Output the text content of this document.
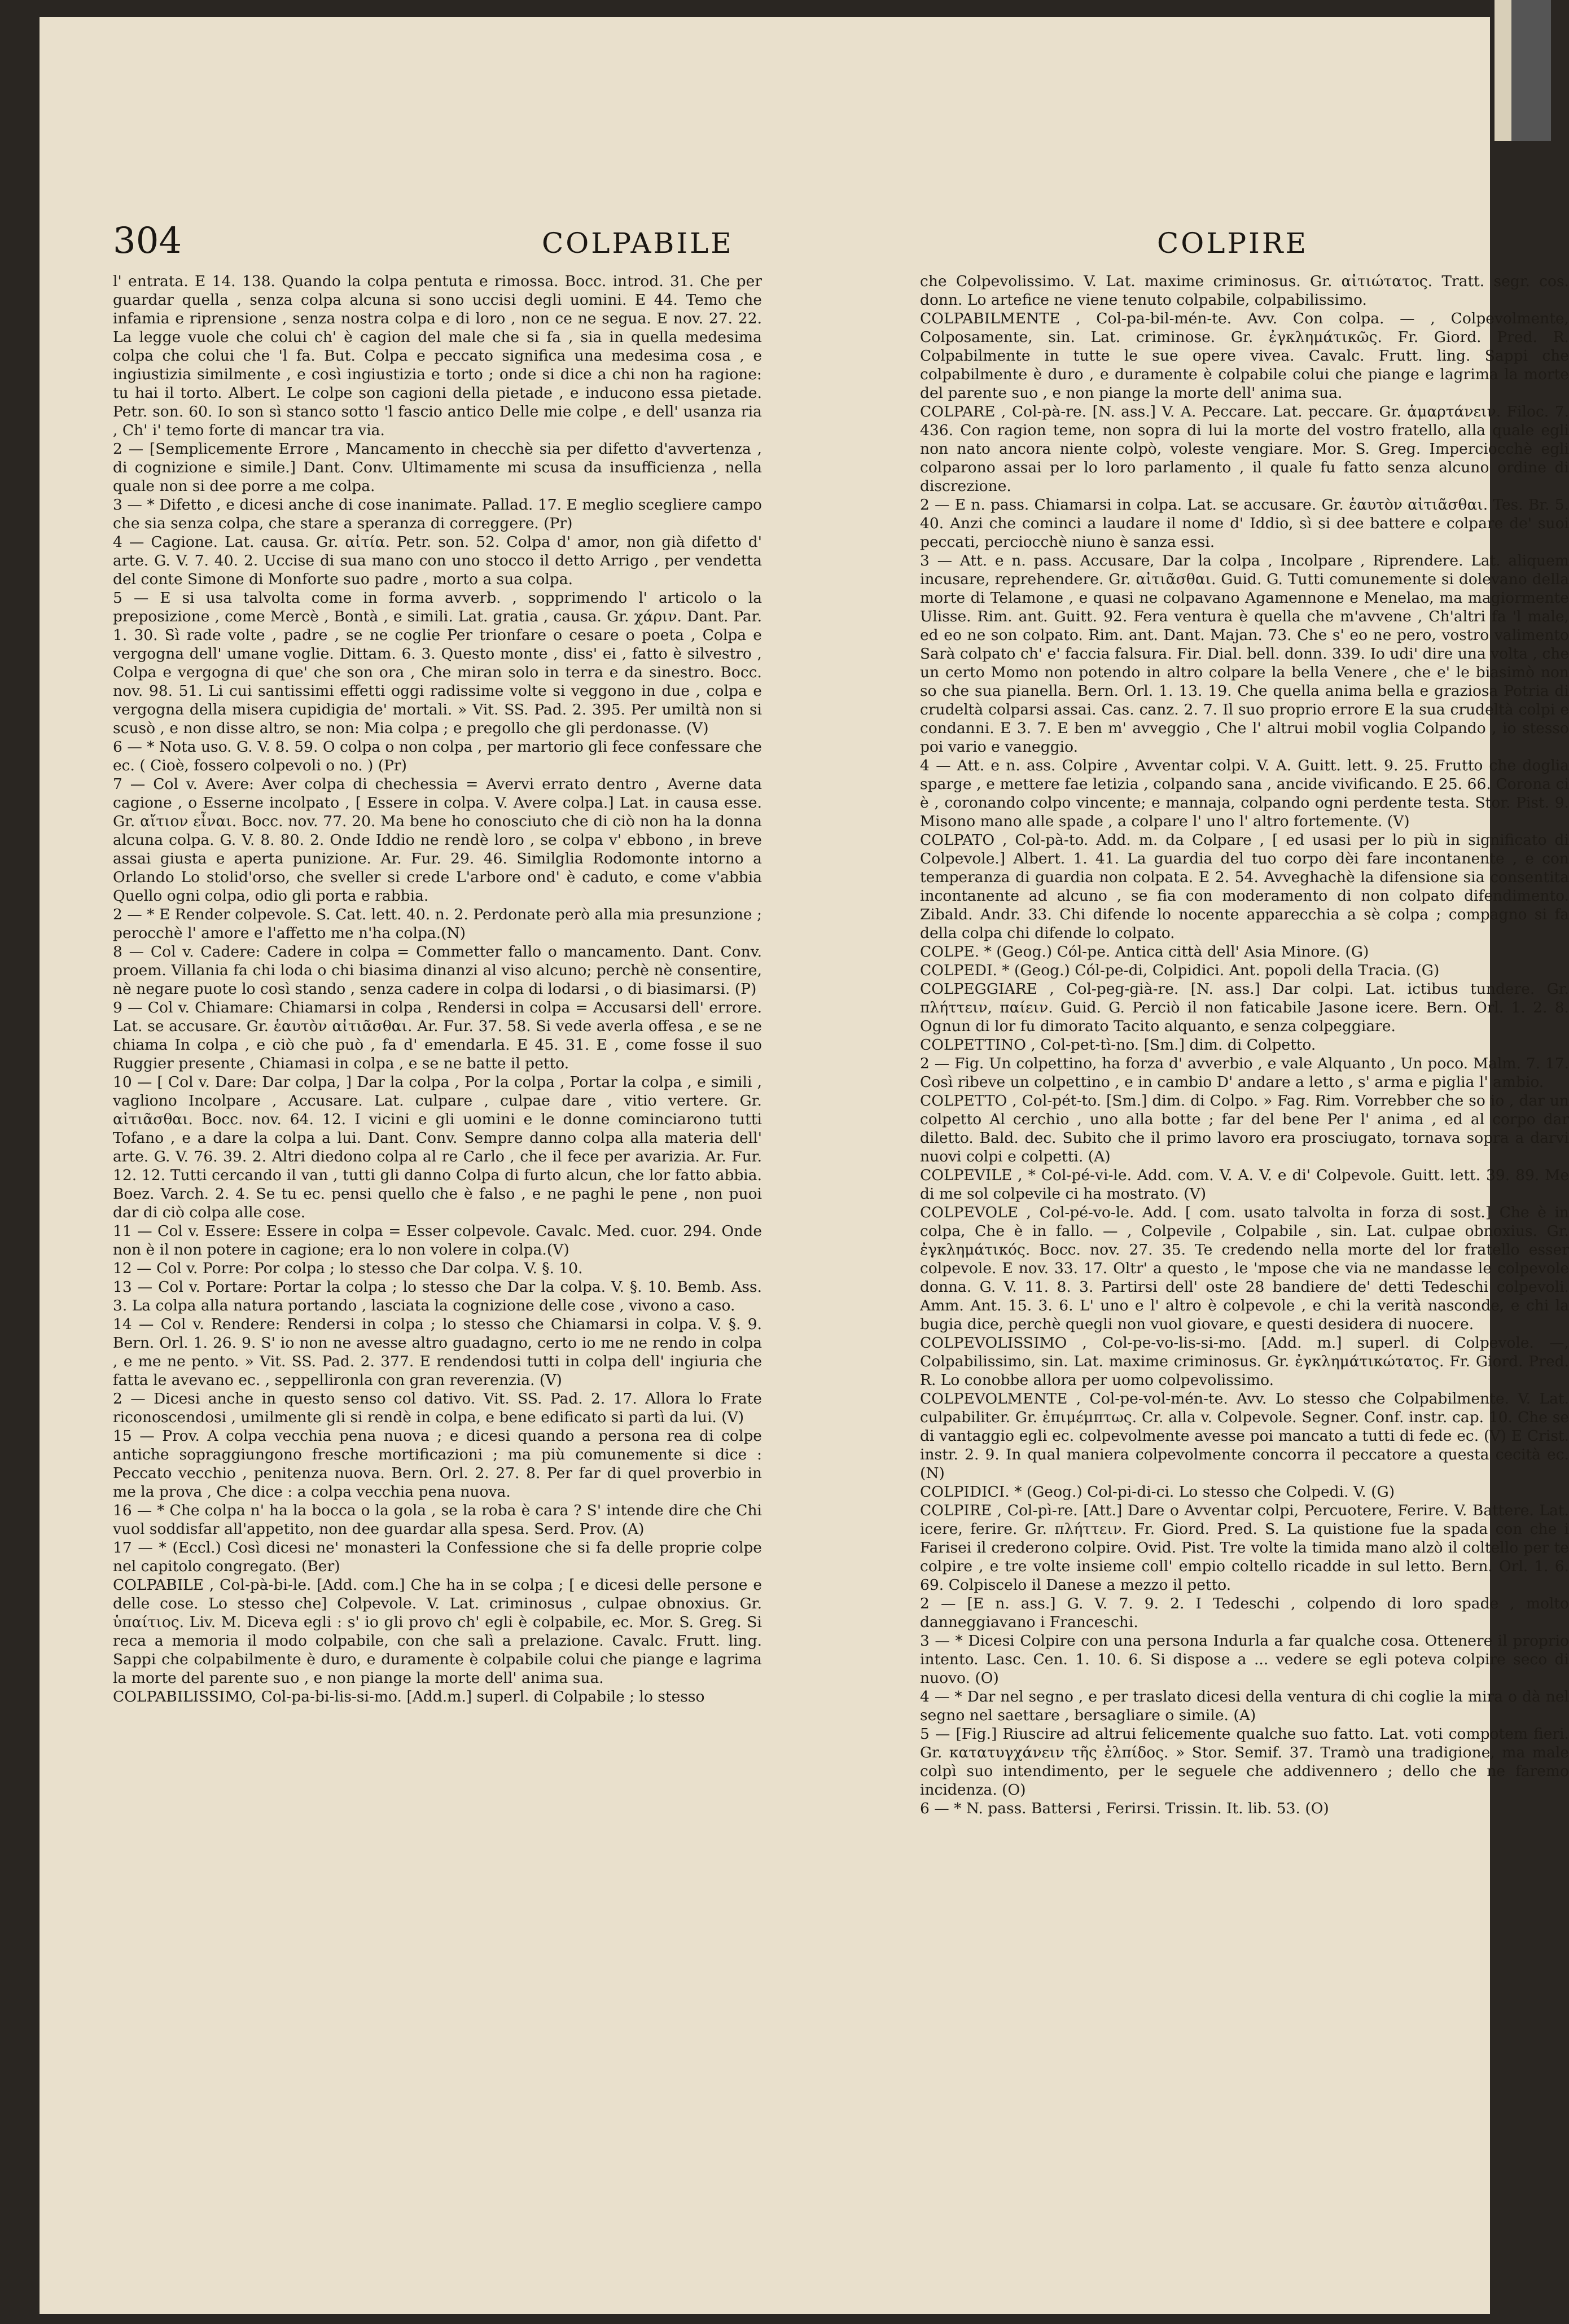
304	COLPABILE	COLPIRE

l' entrata. E 14. 138. Quando la colpa pentuta e rimossa. Bocc. introd. 31. Che per guardar quella , senza colpa alcuna si sono uccisi degli uomini. E 44. Temo che infamia e riprensione , senza nostra colpa e di loro , non ce ne segua. E nov. 27. 22. La legge vuole che colui ch' è cagion del male che si fa , sia in quella medesima colpa che colui che 'l fa. But. Colpa e peccato significa una medesima cosa , e ingiustizia similmente , e così ingiustizia e torto ; onde si dice a chi non ha ragione: tu hai il torto. Albert. Le colpe son cagioni della pietade , e inducono essa pietade. Petr. son. 60. Io son sì stanco sotto 'l fascio antico Delle mie colpe , e dell' usanza ria , Ch' i' temo forte di mancar tra via.

2 — [Semplicemente Errore , Mancamento in checchè sia per difetto d'avvertenza , di cognizione e simile.] Dant. Conv. Ultimamente mi scusa da insufficienza , nella quale non si dee porre a me colpa.

3 — * Difetto , e dicesi anche di cose inanimate. Pallad. 17. E meglio scegliere campo che sia senza colpa, che stare a speranza di correggere. (Pr)

4 — Cagione. Lat. causa. Gr. αἰτία. Petr. son. 52. Colpa d' amor, non già difetto d' arte. G. V. 7. 40. 2. Uccise di sua mano con uno stocco il detto Arrigo , per vendetta del conte Simone di Monforte suo padre , morto a sua colpa.

5 — E si usa talvolta come in forma avverb. , sopprimendo l' articolo o la preposizione , come Mercè , Bontà , e simili. Lat. gratia , causa. Gr. χάριν. Dant. Par. 1. 30. Sì rade volte , padre , se ne coglie Per trionfare o cesare o poeta , Colpa e vergogna dell' umane voglie. Dittam. 6. 3. Questo monte , diss' ei , fatto è silvestro , Colpa e vergogna di que' che son ora , Che miran solo in terra e da sinestro. Bocc. nov. 98. 51. Li cui santissimi effetti oggi radissime volte si veggono in due , colpa e vergogna della misera cupidigia de' mortali. » Vit. SS. Pad. 2. 395. Per umiltà non si scusò , e non disse altro, se non: Mia colpa ; e pregollo che gli perdonasse. (V)

6 — * Nota uso. G. V. 8. 59. O colpa o non colpa , per martorio gli fece confessare che ec. ( Cioè, fossero colpevoli o no. ) (Pr)

7 — Col v. Avere: Aver colpa di chechessia = Avervi errato dentro , Averne data cagione , o Esserne incolpato , [ Essere in colpa. V. Avere colpa.] Lat. in causa esse. Gr. αἴτιον εἶναι. Bocc. nov. 77. 20. Ma bene ho conosciuto che di ciò non ha la donna alcuna colpa. G. V. 8. 80. 2. Onde Iddio ne rendè loro , se colpa v' ebbono , in breve assai giusta e aperta punizione. Ar. Fur. 29. 46. Similglia Rodomonte intorno a Orlando Lo stolid'orso, che sveller si crede L'arbore ond' è caduto, e come v'abbia Quello ogni colpa, odio gli porta e rabbia.

2 — * E Render colpevole. S. Cat. lett. 40. n. 2. Perdonate però alla mia presunzione ; perocchè l' amore e l'affetto me n'ha colpa.(N)

8 — Col v. Cadere: Cadere in colpa = Commetter fallo o mancamento. Dant. Conv. proem. Villania fa chi loda o chi biasima dinanzi al viso alcuno; perchè nè consentire, nè negare puote lo così stando , senza cadere in colpa di lodarsi , o di biasimarsi. (P)

9 — Col v. Chiamare: Chiamarsi in colpa , Rendersi in colpa = Accusarsi dell' errore. Lat. se accusare. Gr. ἑαυτὸν αἰτιᾶσθαι. Ar. Fur. 37. 58. Si vede averla offesa , e se ne chiama In colpa , e ciò che può , fa d' emendarla. E 45. 31. E , come fosse il suo Ruggier presente , Chiamasi in colpa , e se ne batte il petto.

10 — [ Col v. Dare: Dar colpa, ] Dar la colpa , Por la colpa , Portar la colpa , e simili , vagliono Incolpare , Accusare. Lat. culpare , culpae dare , vitio vertere. Gr. αἰτιᾶσθαι. Bocc. nov. 64. 12. I vicini e gli uomini e le donne cominciarono tutti Tofano , e a dare la colpa a lui. Dant. Conv. Sempre danno colpa alla materia dell' arte. G. V. 76. 39. 2. Altri diedono colpa al re Carlo , che il fece per avarizia. Ar. Fur. 12. 12. Tutti cercando il van , tutti gli danno Colpa di furto alcun, che lor fatto abbia. Boez. Varch. 2. 4. Se tu ec. pensi quello che è falso , e ne paghi le pene , non puoi dar di ciò colpa alle cose.

11 — Col v. Essere: Essere in colpa = Esser colpevole. Cavalc. Med. cuor. 294. Onde non è il non potere in cagione; era lo non volere in colpa.(V)

12 — Col v. Porre: Por colpa ; lo stesso che Dar colpa. V. §. 10.

13 — Col v. Portare: Portar la colpa ; lo stesso che Dar la colpa. V. §. 10. Bemb. Ass. 3. La colpa alla natura portando , lasciata la cognizione delle cose , vivono a caso.

14 — Col v. Rendere: Rendersi in colpa ; lo stesso che Chiamarsi in colpa. V. §. 9. Bern. Orl. 1. 26. 9. S' io non ne avesse altro guadagno, certo io me ne rendo in colpa , e me ne pento. » Vit. SS. Pad. 2. 377. E rendendosi tutti in colpa dell' ingiuria che fatta le avevano ec. , seppellironla con gran reverenzia. (V)

2 — Dicesi anche in questo senso col dativo. Vit. SS. Pad. 2. 17. Allora lo Frate riconoscendosi , umilmente gli si rendè in colpa, e bene edificato si partì da lui. (V)

15 — Prov. A colpa vecchia pena nuova ; e dicesi quando a persona rea di colpe antiche sopraggiungono fresche mortificazioni ; ma più comunemente si dice : Peccato vecchio , penitenza nuova. Bern. Orl. 2. 27. 8. Per far di quel proverbio in me la prova , Che dice : a colpa vecchia pena nuova.

16 — * Che colpa n' ha la bocca o la gola , se la roba è cara ? S' intende dire che Chi vuol soddisfar all'appetito, non dee guardar alla spesa. Serd. Prov. (A)

17 — * (Eccl.) Così dicesi ne' monasteri la Confessione che si fa delle proprie colpe nel capitolo congregato. (Ber)

COLPABILE , Col-pà-bi-le. [Add. com.] Che ha in se colpa ; [ e dicesi delle persone e delle cose. Lo stesso che] Colpevole. V. Lat. criminosus , culpae obnoxius. Gr. ὑπαίτιος. Liv. M. Diceva egli : s' io gli provo ch' egli è colpabile, ec. Mor. S. Greg. Si reca a memoria il modo colpabile, con che salì a prelazione. Cavalc. Frutt. ling. Sappi che colpabilmente è duro, e duramente è colpabile colui che piange e lagrima la morte del parente suo , e non piange la morte dell' anima sua.

COLPABILISSIMO, Col-pa-bi-lis-si-mo. [Add.m.] superl. di Colpabile ; lo stesso

che Colpevolissimo. V. Lat. maxime criminosus. Gr. αἰτιώτατος. Tratt. segr. cos. donn. Lo artefice ne viene tenuto colpabile, colpabilissimo.

COLPABILMENTE , Col-pa-bil-mén-te. Avv. Con colpa. — , Colpevolmente, Colposamente, sin. Lat. criminose. Gr. ἐγκλημάτικῶς. Fr. Giord. Pred. R. Colpabilmente in tutte le sue opere vivea. Cavalc. Frutt. ling. Sappi che colpabilmente è duro , e duramente è colpabile colui che piange e lagrima la morte del parente suo , e non piange la morte dell' anima sua.

COLPARE , Col-pà-re. [N. ass.] V. A. Peccare. Lat. peccare. Gr. ἁμαρτάνειν. Filoc. 7. 436. Con ragion teme, non sopra di lui la morte del vostro fratello, alla quale egli non nato ancora niente colpò, voleste vengiare. Mor. S. Greg. Imperciocchè egli colparono assai per lo loro parlamento , il quale fu fatto senza alcuno ordine di discrezione.

2 — E n. pass. Chiamarsi in colpa. Lat. se accusare. Gr. ἑαυτὸν αἰτιᾶσθαι. Tes. Br. 5. 40. Anzi che cominci a laudare il nome d' Iddio, sì si dee battere e colpare de' suoi peccati, perciocchè niuno è sanza essi.

3 — Att. e n. pass. Accusare, Dar la colpa , Incolpare , Riprendere. Lat. aliquem incusare, reprehendere. Gr. αἰτιᾶσθαι. Guid. G. Tutti comunemente si dolevano della morte di Telamone , e quasi ne colpavano Agamennone e Menelao, ma magiormente Ulisse. Rim. ant. Guitt. 92. Fera ventura è quella che m'avvene , Ch'altri fa 'l male, ed eo ne son colpato. Rim. ant. Dant. Majan. 73. Che s' eo ne pero, vostro valimento Sarà colpato ch' e' faccia falsura. Fir. Dial. bell. donn. 339. Io udi' dire una volta , che un certo Momo non potendo in altro colpare la bella Venere , che e' le biasimò non so che sua pianella. Bern. Orl. 1. 13. 19. Che quella anima bella e graziosa Potria di crudeltà colparsi assai. Cas. canz. 2. 7. Il suo proprio errore E la sua crudeltà colpi e condanni. E 3. 7. E ben m' avveggio , Che l' altrui mobil voglia Colpando , io stesso poi vario e vaneggio.

4 — Att. e n. ass. Colpire , Avventar colpi. V. A. Guitt. lett. 9. 25. Frutto che doglia sparge , e mettere fae letizia , colpando sana , ancide vivificando. E 25. 66. Corona ci è , coronando colpo vincente; e mannaja, colpando ogni perdente testa. Stor. Pist. 9. Misono mano alle spade , a colpare l' uno l' altro fortemente. (V)

COLPATO , Col-pà-to. Add. m. da Colpare , [ ed usasi per lo più in significato di Colpevole.] Albert. 1. 41. La guardia del tuo corpo dèi fare incontanente , e con temperanza di guardia non colpata. E 2. 54. Avveghachè la difensione sia consentita incontanente ad alcuno , se fia con moderamento di non colpato difendimento. Zibald. Andr. 33. Chi difende lo nocente apparecchia a sè colpa ; compagno si fa della colpa chi difende lo colpato.

COLPE. * (Geog.) Cól-pe. Antica città dell' Asia Minore. (G)

COLPEDI. * (Geog.) Cól-pe-di, Colpidici. Ant. popoli della Tracia. (G)

COLPEGGIARE , Col-peg-già-re. [N. ass.] Dar colpi. Lat. ictibus tundere. Gr. πλήττειν, παίειν. Guid. G. Perciò il non faticabile Jasone icere. Bern. Orl. 1. 2. 8. Ognun di lor fu dimorato Tacito alquanto, e senza colpeggiare.

COLPETTINO , Col-pet-tì-no. [Sm.] dim. di Colpetto.

2 — Fig. Un colpettino, ha forza d' avverbio , e vale Alquanto , Un poco. Malm. 7. 17. Così ribeve un colpettino , e in cambio D' andare a letto , s' arma e piglia l' ambio.

COLPETTO , Col-pét-to. [Sm.] dim. di Colpo. » Fag. Rim. Vorrebber che so io , dar un colpetto Al cerchio , uno alla botte ; far del bene Per l' anima , ed al corpo dar diletto. Bald. dec. Subito che il primo lavoro era prosciugato, tornava sopra a darvi nuovi colpi e colpetti. (A)

COLPEVILE , * Col-pé-vi-le. Add. com. V. A. V. e di' Colpevole. Guitt. lett. 39. 89. Me di me sol colpevile ci ha mostrato. (V)

COLPEVOLE , Col-pé-vo-le. Add. [ com. usato talvolta in forza di sost.] Che è in colpa, Che è in fallo. — , Colpevile , Colpabile , sin. Lat. culpae obnoxius. Gr. ἐγκλημάτικός. Bocc. nov. 27. 35. Te credendo nella morte del lor fratello esser colpevole. E nov. 33. 17. Oltr' a questo , le 'mpose che via ne mandasse le colpevole donna. G. V. 11. 8. 3. Partirsi dell' oste 28 bandiere de' detti Tedeschi colpevoli. Amm. Ant. 15. 3. 6. L' uno e l' altro è colpevole , e chi la verità nasconde, e chi la bugia dice, perchè quegli non vuol giovare, e questi desidera di nuocere.

COLPEVOLISSIMO , Col-pe-vo-lis-si-mo. [Add. m.] superl. di Colpevole. —, Colpabilissimo, sin. Lat. maxime criminosus. Gr. ἐγκλημάτικώτατος. Fr. Giord. Pred. R. Lo conobbe allora per uomo colpevolissimo.

COLPEVOLMENTE , Col-pe-vol-mén-te. Avv. Lo stesso che Colpabilmente. V. Lat. culpabiliter. Gr. ἐπιμέμπτως. Cr. alla v. Colpevole. Segner. Conf. instr. cap. 10. Che se di vantaggio egli ec. colpevolmente avesse poi mancato a tutti di fede ec. (V) E Crist. instr. 2. 9. In qual maniera colpevolmente concorra il peccatore a questa cecità ec. (N)

COLPIDICI. * (Geog.) Col-pi-di-ci. Lo stesso che Colpedi. V. (G)

COLPIRE , Col-pì-re. [Att.] Dare o Avventar colpi, Percuotere, Ferire. V. Battere. Lat. icere, ferire. Gr. πλήττειν. Fr. Giord. Pred. S. La quistione fue la spada con che i Farisei il crederono colpire. Ovid. Pist. Tre volte la timida mano alzò il coltello per te colpire , e tre volte insieme coll' empio coltello ricadde in sul letto. Bern. Orl. 1. 6. 69. Colpiscelo il Danese a mezzo il petto.

2 — [E n. ass.] G. V. 7. 9. 2. I Tedeschi , colpendo di loro spade , molto danneggiavano i Franceschi.

3 — * Dicesi Colpire con una persona Indurla a far qualche cosa. Ottenere il proprio intento. Lasc. Cen. 1. 10. 6. Si dispose a ... vedere se egli poteva colpire seco di nuovo. (O)

4 — * Dar nel segno , e per traslato dicesi della ventura di chi coglie la mira o dà nel segno nel saettare , bersagliare o simile. (A)

5 — [Fig.] Riuscire ad altrui felicemente qualche suo fatto. Lat. voti compotem fieri. Gr. κατατυγχάνειν τῆς ἐλπίδος. » Stor. Semif. 37. Tramò una tradigione, ma male colpì suo intendimento, per le seguele che addivennero ; dello che ne faremo incidenza. (O)

6 — * N. pass. Battersi , Ferirsi. Trissin. It. lib. 53. (O)
